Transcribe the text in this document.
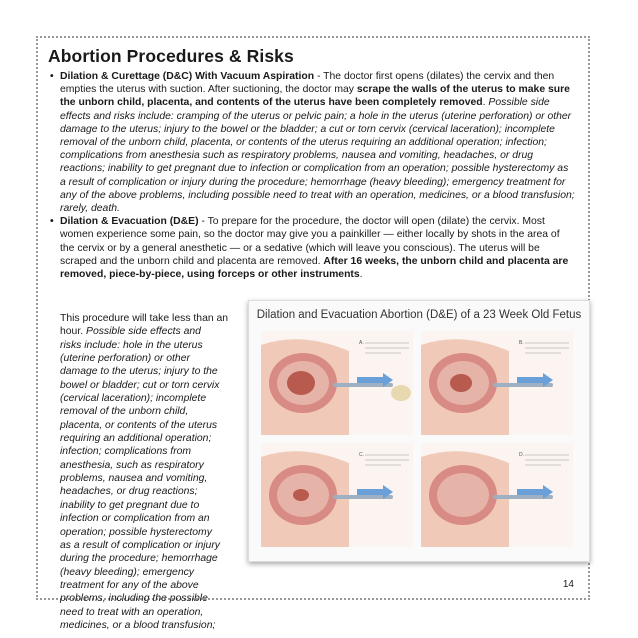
Abortion Procedures & Risks

• Dilation & Curettage (D&C) With Vacuum Aspiration - The doctor first opens (dilates) the cervix and then empties the uterus with suction. After suctioning, the doctor may scrape the walls of the uterus to make sure the unborn child, placenta, and contents of the uterus have been completely removed. Possible side effects and risks include: cramping of the uterus or pelvic pain; a hole in the uterus (uterine perforation) or other damage to the uterus; injury to the bowel or the bladder; a cut or torn cervix (cervical laceration); incomplete removal of the unborn child, placenta, or contents of the uterus requiring an additional operation; infection; complications from anesthesia such as respiratory problems, nausea and vomiting, headaches, or drug reactions; inability to get pregnant due to infection or complication from an operation; possible hysterectomy as a result of complication or injury during the procedure; hemorrhage (heavy bleeding); emergency treatment for any of the above problems, including possible need to treat with an operation, medicines, or a blood transfusion; rarely, death.

• Dilation & Evacuation (D&E) - To prepare for the procedure, the doctor will open (dilate) the cervix. Most women experience some pain, so the doctor may give you a painkiller — either locally by shots in the area of the cervix or by a general anesthetic — or a sedative (which will leave you conscious). The uterus will be scraped and the unborn child and placenta are removed. After 16 weeks, the unborn child and placenta are removed, piece-by-piece, using forceps or other instruments.

This procedure will take less than an
hour. Possible side effects and
risks include: hole in the uterus
(uterine perforation) or other
damage to the uterus; injury to the
bowel or bladder; cut or torn cervix
(cervical laceration); incomplete
removal of the unborn child,
placenta, or contents of the uterus
requiring an additional operation;
infection; complications from
anesthesia, such as respiratory
problems, nausea and vomiting,
headaches, or drug reactions;
inability to get pregnant due to
infection or complication from an
operation; possible hysterectomy
as a result of complication or injury
during the procedure; hemorrhage
(heavy bleeding); emergency
treatment for any of the above
problems, including the possible
need to treat with an operation,
medicines, or a blood transfusion;
Dilation and Evacuation Abortion (D&E) of a 23 Week Old Fetus
A.	B.
C.	D.
14
